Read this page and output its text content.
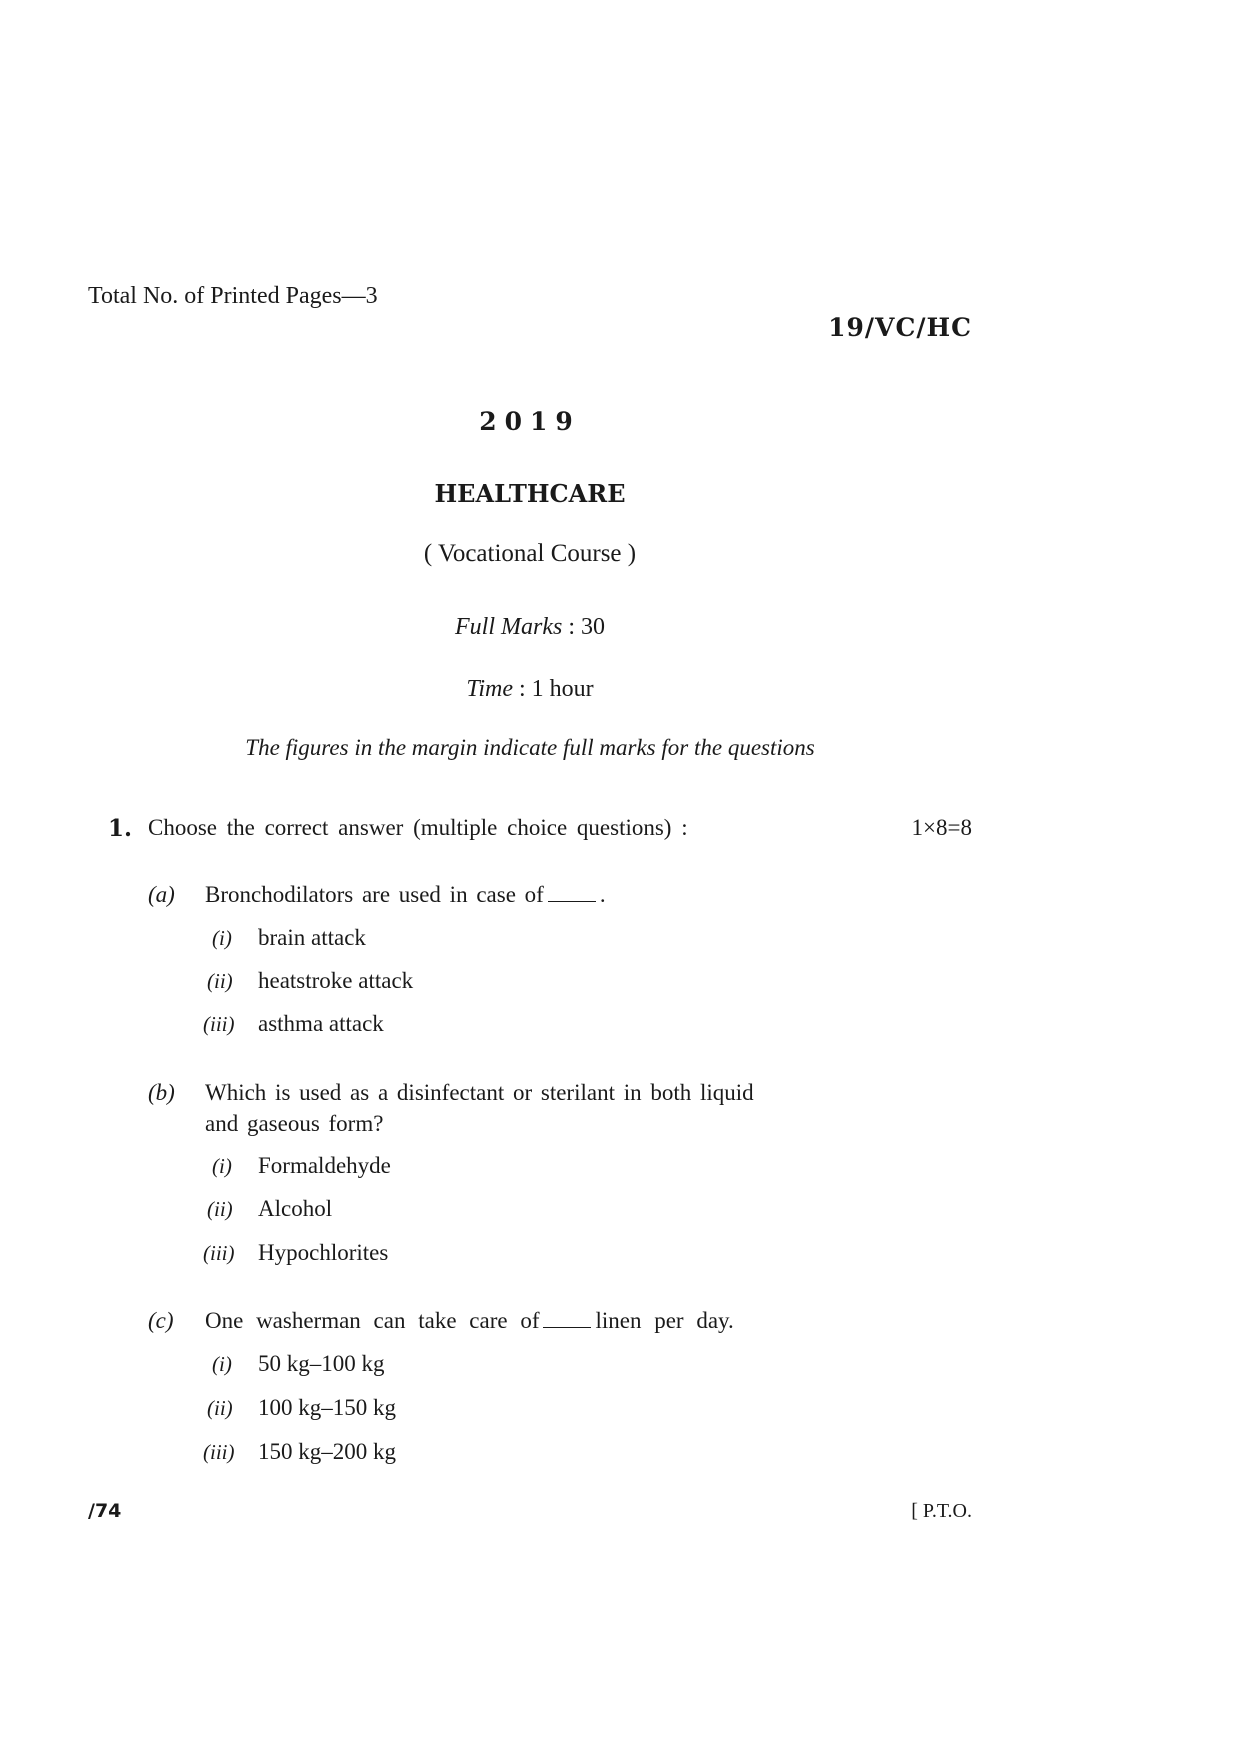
Total No. of Printed Pages—3
19/VC/HC
2019
HEALTHCARE
( Vocational Course )
Full Marks : 30
Time : 1 hour
The figures in the margin indicate full marks for the questions
1. Choose the correct answer (multiple choice questions) :	1×8=8
(a) Bronchodilators are used in case of .
(i) brain attack
(ii) heatstroke attack
(iii) asthma attack
(b) Which is used as a disinfectant or sterilant in both liquid
and gaseous form?
(i) Formaldehyde
(ii) Alcohol
(iii) Hypochlorites
(c) One washerman can take care of linen per day.
(i) 50 kg–100 kg
(ii) 100 kg–150 kg
(iii) 150 kg–200 kg
/74	[ P.T.O.
